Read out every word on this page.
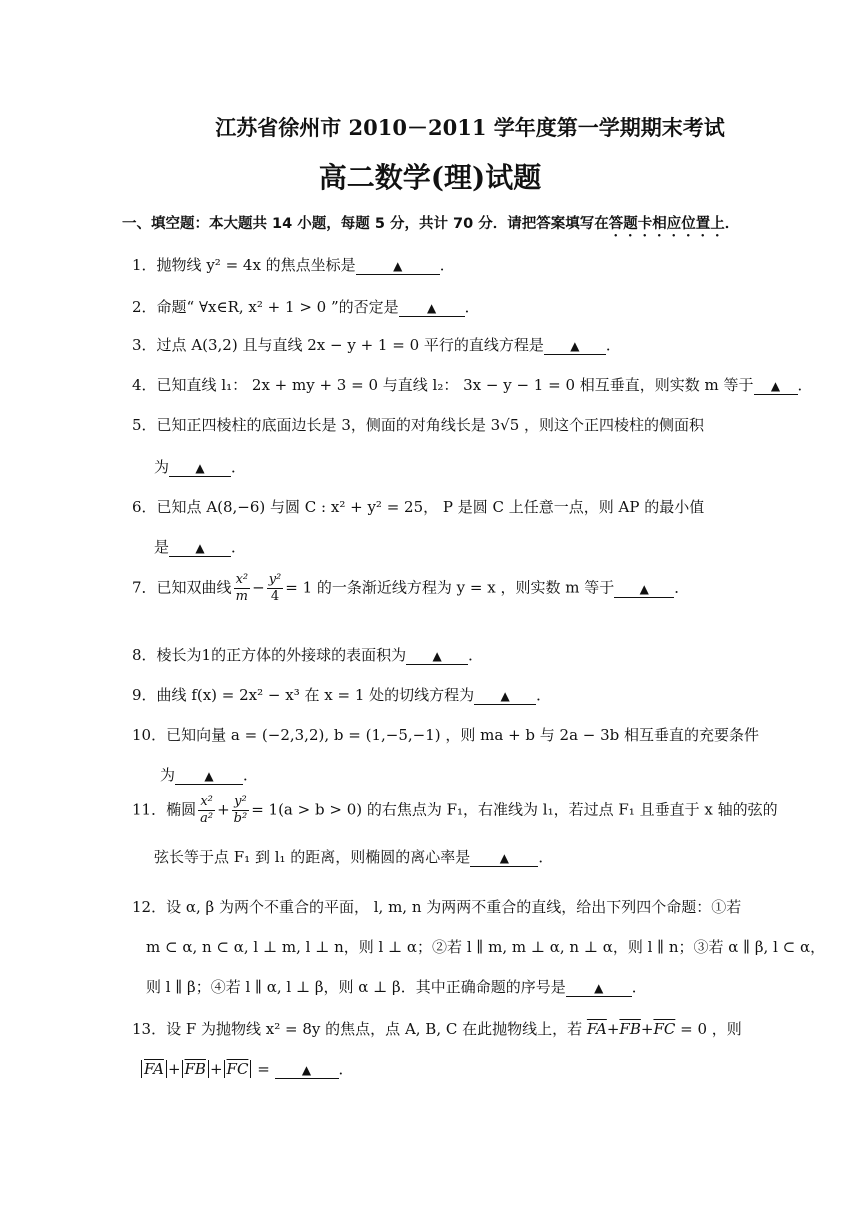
江苏省徐州市 2010－2011 学年度第一学期期末考试
高二数学(理)试题
一、填空题：本大题共 14 小题，每题 5 分，共计 70 分．请把答案填写在答题卡相应位置上．
1．抛物线 y² = 4x 的焦点坐标是	▲ ．
2．命题“ ∀x∈R, x² + 1 > 0 ”的否定是 ▲ ．
3．过点 A(3,2) 且与直线 2x − y + 1 = 0 平行的直线方程是 ▲ ．
4．已知直线 l₁： 2x + my + 3 = 0 与直线 l₂： 3x − y − 1 = 0 相互垂直，则实数 m 等于 ▲ ．
5．已知正四棱柱的底面边长是 3，侧面的对角线长是 3√5 ，则这个正四棱柱的侧面积
为 ▲ ．
6．已知点 A(8,−6) 与圆 C : x² + y² = 25， P 是圆 C 上任意一点，则 AP 的最小值
是 ▲ ．
7．已知双曲线 $\frac{\text{x²}}{m} - \frac{\text{y²}}{4} = 1$ 的一条渐近线方程为 y = x ，则实数 m 等于 ▲ ．
8．棱长为1的正方体的外接球的表面积为 ▲ ．
9．曲线 f(x) = 2x² − x³ 在 x = 1 处的切线方程为 ▲ ．
10．已知向量 a = (−2,3,2), b = (1,−5,−1) ，则 ma + b 与 2a − 3b 相互垂直的充要条件
为 ▲ ．
11．椭圆 $\frac{\text{x²}}{\text{a²}} + \frac{\text{y²}}{\text{b²}} = 1(a > b > 0)$ 的右焦点为 F₁，右准线为 l₁，若过点 F₁ 且垂直于 x 轴的弦的
弦长等于点 F₁ 到 l₁ 的距离，则椭圆的离心率是 ▲ ．
12．设 α, β 为两个不重合的平面， l, m, n 为两两不重合的直线，给出下列四个命题：①若
m ⊂ α, n ⊂ α, l ⊥ m, l ⊥ n，则 l ⊥ α；②若 l ∥ m, m ⊥ α, n ⊥ α，则 l ∥ n；③若 α ∥ β, l ⊂ α，
则 l ∥ β；④若 l ∥ α, l ⊥ β，则 α ⊥ β．其中正确命题的序号是 ▲ ．
13．设 F 为抛物线 x² = 8y 的焦点，点 A, B, C 在此抛物线上，若 $\overline{FA}+\overline{FB}+\overline{FC} = 0$ ，则
$\overline{FA} + \overline{FB} + \overline{FC}$ = ▲ ．
